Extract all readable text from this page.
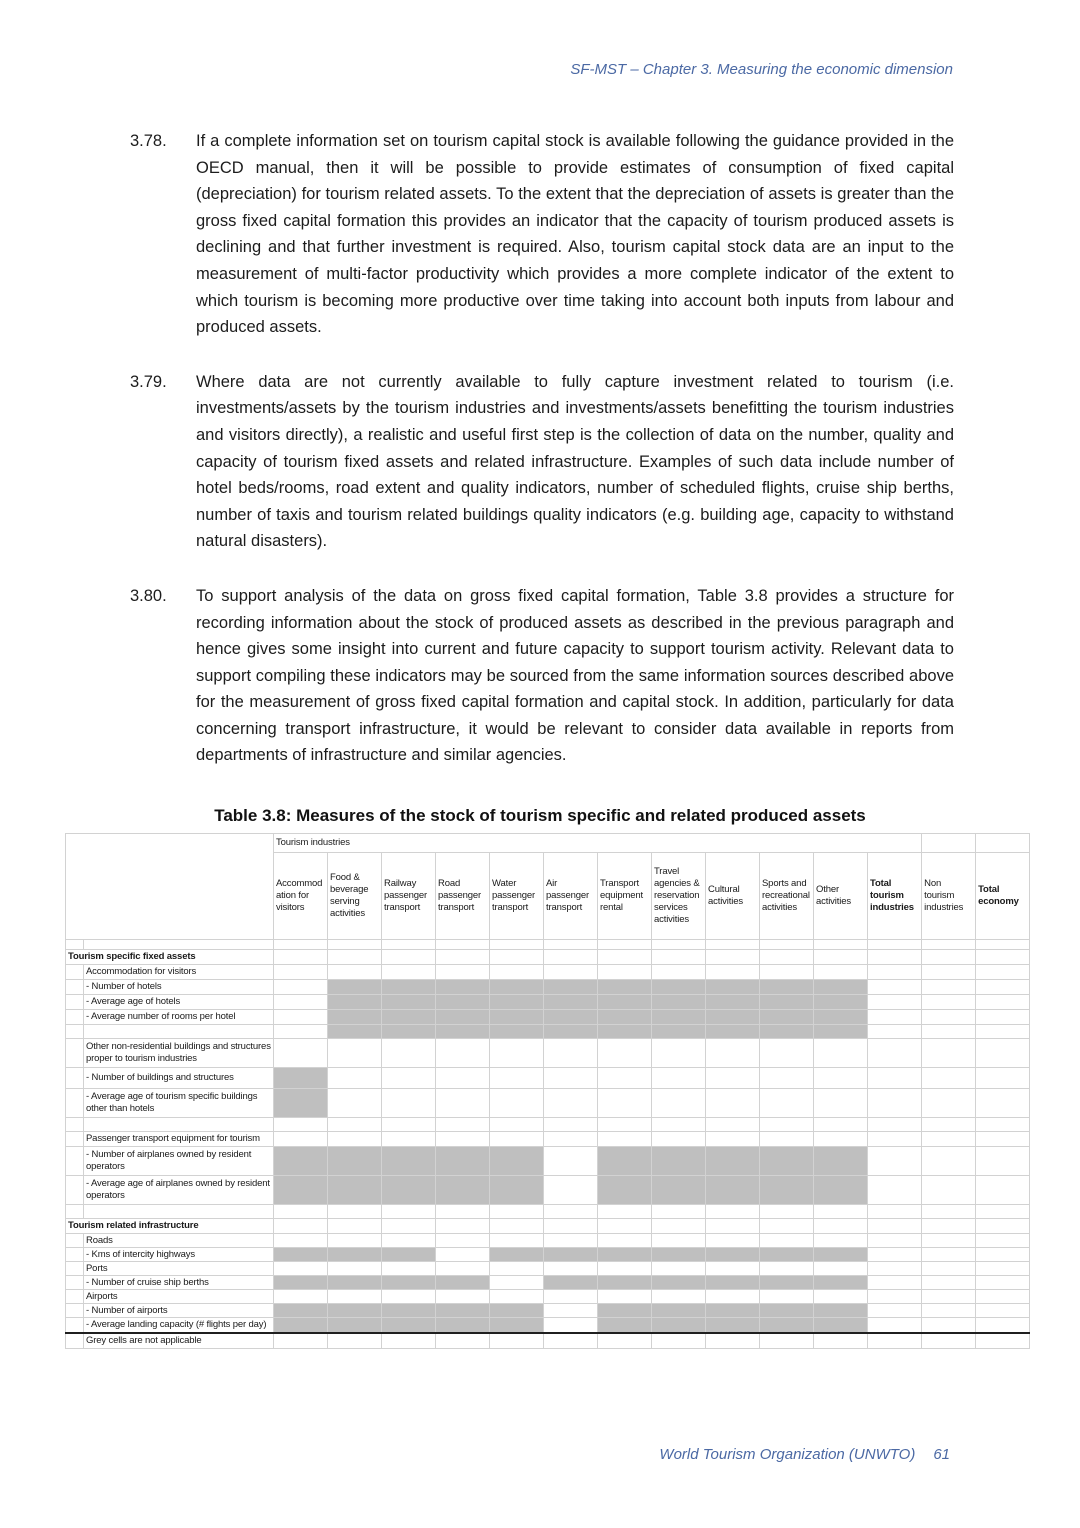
SF-MST – Chapter 3. Measuring the economic dimension
3.78.	If a complete information set on tourism capital stock is available following the guidance provided in the OECD manual, then it will be possible to provide estimates of consumption of fixed capital (depreciation) for tourism related assets. To the extent that the depreciation of assets is greater than the gross fixed capital formation this provides an indicator that the capacity of tourism produced assets is declining and that further investment is required. Also, tourism capital stock data are an input to the measurement of multi-factor productivity which provides a more complete indicator of the extent to which tourism is becoming more productive over time taking into account both inputs from labour and produced assets.
3.79.	Where data are not currently available to fully capture investment related to tourism (i.e. investments/assets by the tourism industries and investments/assets benefitting the tourism industries and visitors directly), a realistic and useful first step is the collection of data on the number, quality and capacity of tourism fixed assets and related infrastructure. Examples of such data include number of hotel beds/rooms, road extent and quality indicators, number of scheduled flights, cruise ship berths, number of taxis and tourism related buildings quality indicators (e.g. building age, capacity to withstand natural disasters).
3.80.	To support analysis of the data on gross fixed capital formation, Table 3.8 provides a structure for recording information about the stock of produced assets as described in the previous paragraph and hence gives some insight into current and future capacity to support tourism activity. Relevant data to support compiling these indicators may be sourced from the same information sources described above for the measurement of gross fixed capital formation and capital stock. In addition, particularly for data concerning transport infrastructure, it would be relevant to consider data available in reports from departments of infrastructure and similar agencies.
Table 3.8: Measures of the stock of tourism specific and related produced assets
		Tourism industries													
		Accommod ation for visitors	Food & beverage serving activities	Railway passenger transport	Road passenger transport	Water passenger transport	Air passenger transport	Transport equipment rental	Travel agencies & reservation services activities	Cultural activities	Sports and recreational activities	Other activities	Total tourism industries	Non tourism industries	Total economy

Tourism specific fixed assets															
	Accommodation for visitors														
	- Number of hotels														
	- Average age of hotels														
	- Average number of rooms per hotel														

	Other non-residential buildings and structures proper to tourism industries														
	- Number of buildings and structures														
	- Average age of tourism specific buildings other than hotels														

	Passenger transport equipment for tourism														
	- Number of airplanes owned by resident operators														
	- Average age of airplanes owned by resident operators														

Tourism related infrastructure															
	Roads														
	- Kms of intercity highways														
	Ports														
	- Number of cruise ship berths														
	Airports														
	- Number of airports														
	- Average landing capacity (# flights per day)														
	Grey cells are not applicable														
World Tourism Organization (UNWTO) 61
